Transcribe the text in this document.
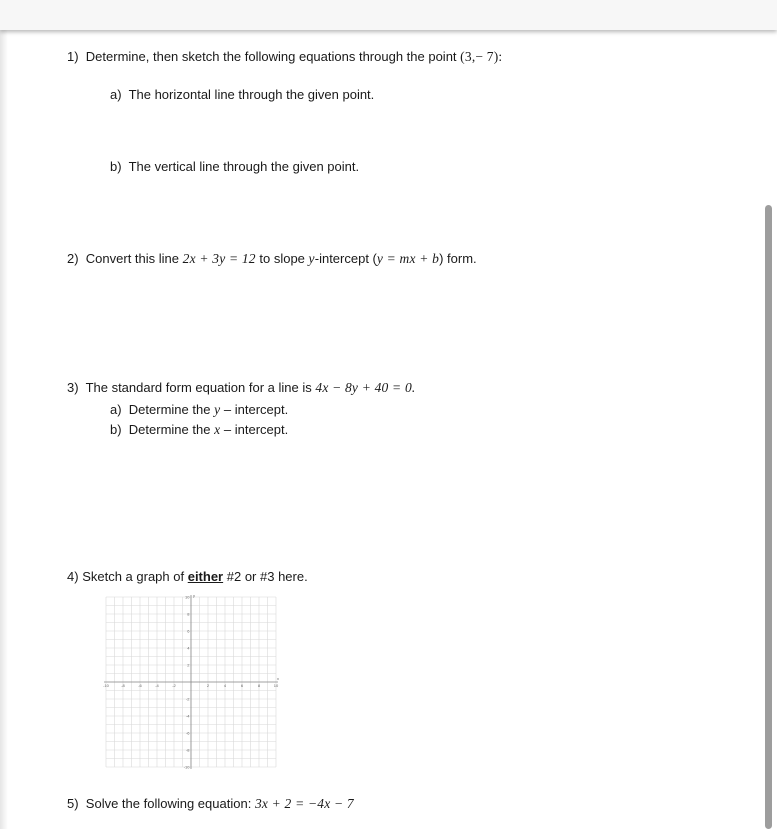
1) Determine, then sketch the following equations through the point (3,− 7):
a) The horizontal line through the given point.
b) The vertical line through the given point.
2) Convert this line 2x + 3y = 12 to slope y-intercept (y = mx + b) form.
3) The standard form equation for a line is 4x − 8y + 40 = 0.
a) Determine the y – intercept.
b) Determine the x – intercept.
4) Sketch a graph of either #2 or #3 here.
x
y
-10	-8	-6	-4	-2	2	4	6	8	10
10
8
6
4
2
-2
-4
-6
-8
-10
5) Solve the following equation: 3x + 2 = −4x − 7
